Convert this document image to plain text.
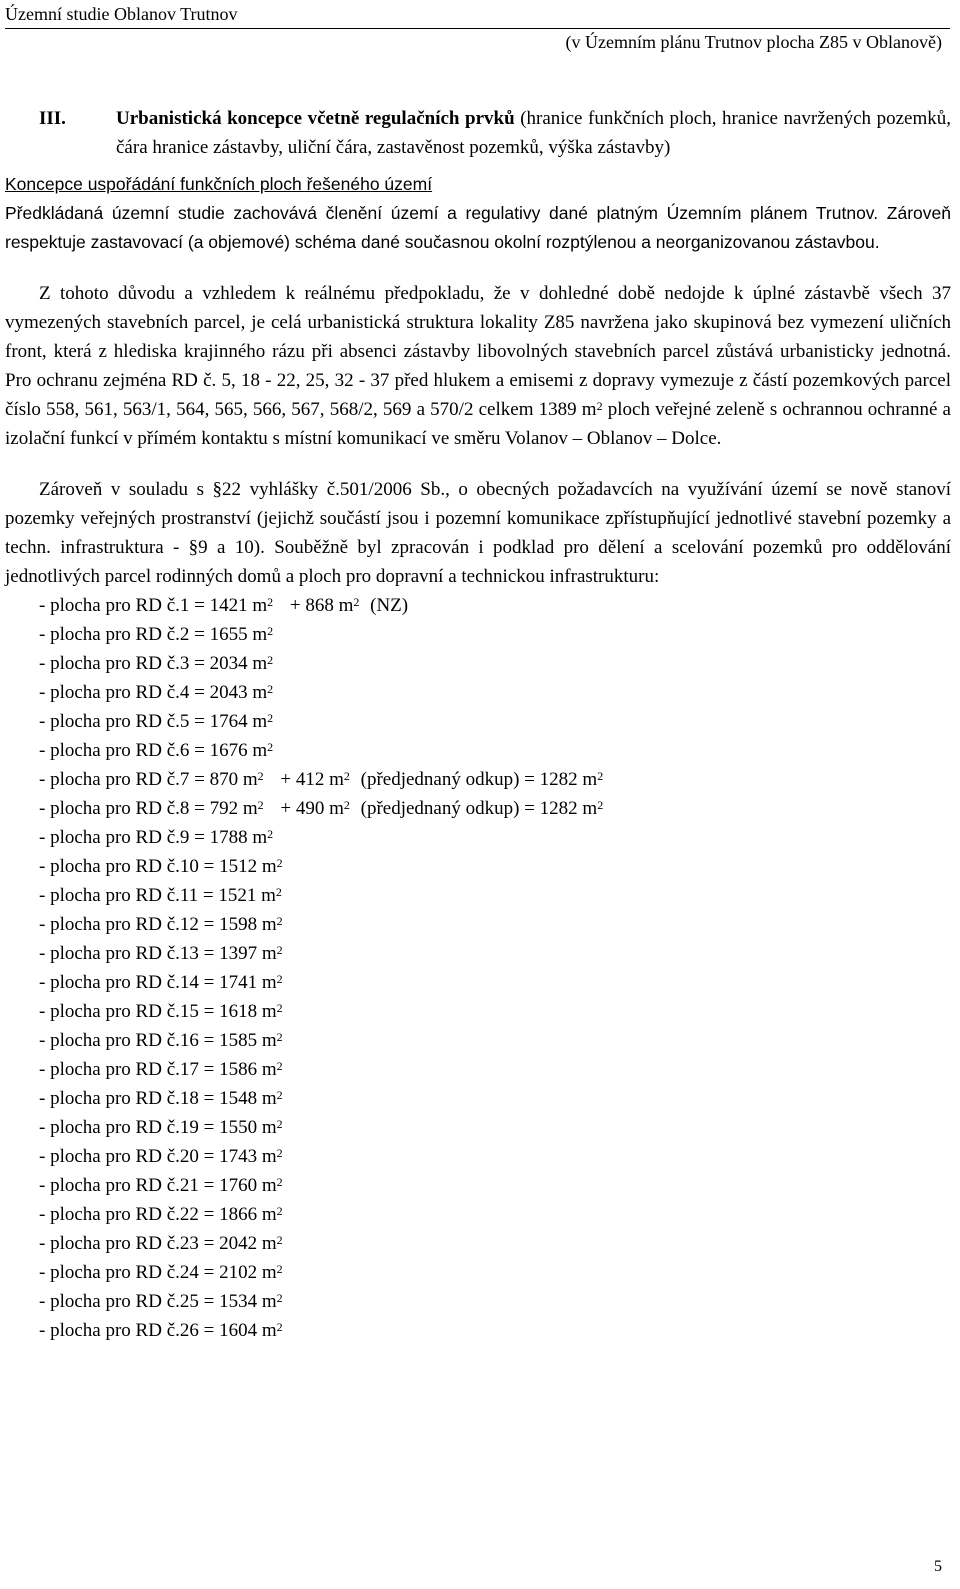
Územní studie Oblanov Trutnov
(v Územním plánu Trutnov plocha Z85 v Oblanově)
III.	Urbanistická koncepce včetně regulačních prvků (hranice funkčních ploch, hranice navržených pozemků, čára hranice zástavby, uliční čára, zastavěnost pozemků, výška zástavby)
Koncepce uspořádání funkčních ploch řešeného území
Předkládaná územní studie zachovává členění území a regulativy dané platným Územním plánem Trutnov. Zároveň respektuje zastavovací (a objemové) schéma dané současnou okolní rozptýlenou a neorganizovanou zástavbou.

Z tohoto důvodu a vzhledem k reálnému předpokladu, že v dohledné době nedojde k úplné zástavbě všech 37 vymezených stavebních parcel, je celá urbanistická struktura lokality Z85 navržena jako skupinová bez vymezení uličních front, která z hlediska krajinného rázu při absenci zástavby libovolných stavebních parcel zůstává urbanisticky jednotná. Pro ochranu zejména RD č. 5, 18 - 22, 25, 32 - 37 před hlukem a emisemi z dopravy vymezuje z částí pozemkových parcel číslo 558, 561, 563/1, 564, 565, 566, 567, 568/2, 569 a 570/2 celkem 1389 $m^2$ ploch veřejné zeleně s ochrannou ochranné a izolační funkcí v přímém kontaktu s místní komunikací ve směru Volanov – Oblanov – Dolce.

Zároveň v souladu s §22 vyhlášky č.501/2006 Sb., o obecných požadavcích na využívání území se nově stanoví pozemky veřejných prostranství (jejichž součástí jsou i pozemní komunikace zpřístupňující jednotlivé stavební pozemky a techn. infrastruktura - §9 a 10). Souběžně byl zpracován i podklad pro dělení a scelování pozemků pro oddělování jednotlivých parcel rodinných domů a ploch pro dopravní a technickou infrastrukturu:

- plocha pro RD č.1 = 1421 $m^2 + 868$ $m^2$ (NZ)
- plocha pro RD č.2 = 1655 $m^2$
- plocha pro RD č.3 = 2034 $m^2$
- plocha pro RD č.4 = 2043 $m^2$
- plocha pro RD č.5 = 1764 $m^2$
- plocha pro RD č.6 = 1676 $m^2$
- plocha pro RD č.7 = 870 $m^2 + 412$ $m^2$ (předjednaný odkup) = 1282 $m^2$
- plocha pro RD č.8 = 792 $m^2 + 490$ $m^2$ (předjednaný odkup) = 1282 $m^2$
- plocha pro RD č.9 = 1788 $m^2$
- plocha pro RD č.10 = 1512 $m^2$
- plocha pro RD č.11 = 1521 $m^2$
- plocha pro RD č.12 = 1598 $m^2$
- plocha pro RD č.13 = 1397 $m^2$
- plocha pro RD č.14 = 1741 $m^2$
- plocha pro RD č.15 = 1618 $m^2$
- plocha pro RD č.16 = 1585 $m^2$
- plocha pro RD č.17 = 1586 $m^2$
- plocha pro RD č.18 = 1548 $m^2$
- plocha pro RD č.19 = 1550 $m^2$
- plocha pro RD č.20 = 1743 $m^2$
- plocha pro RD č.21 = 1760 $m^2$
- plocha pro RD č.22 = 1866 $m^2$
- plocha pro RD č.23 = 2042 $m^2$
- plocha pro RD č.24 = 2102 $m^2$
- plocha pro RD č.25 = 1534 $m^2$
- plocha pro RD č.26 = 1604 $m^2$
5
